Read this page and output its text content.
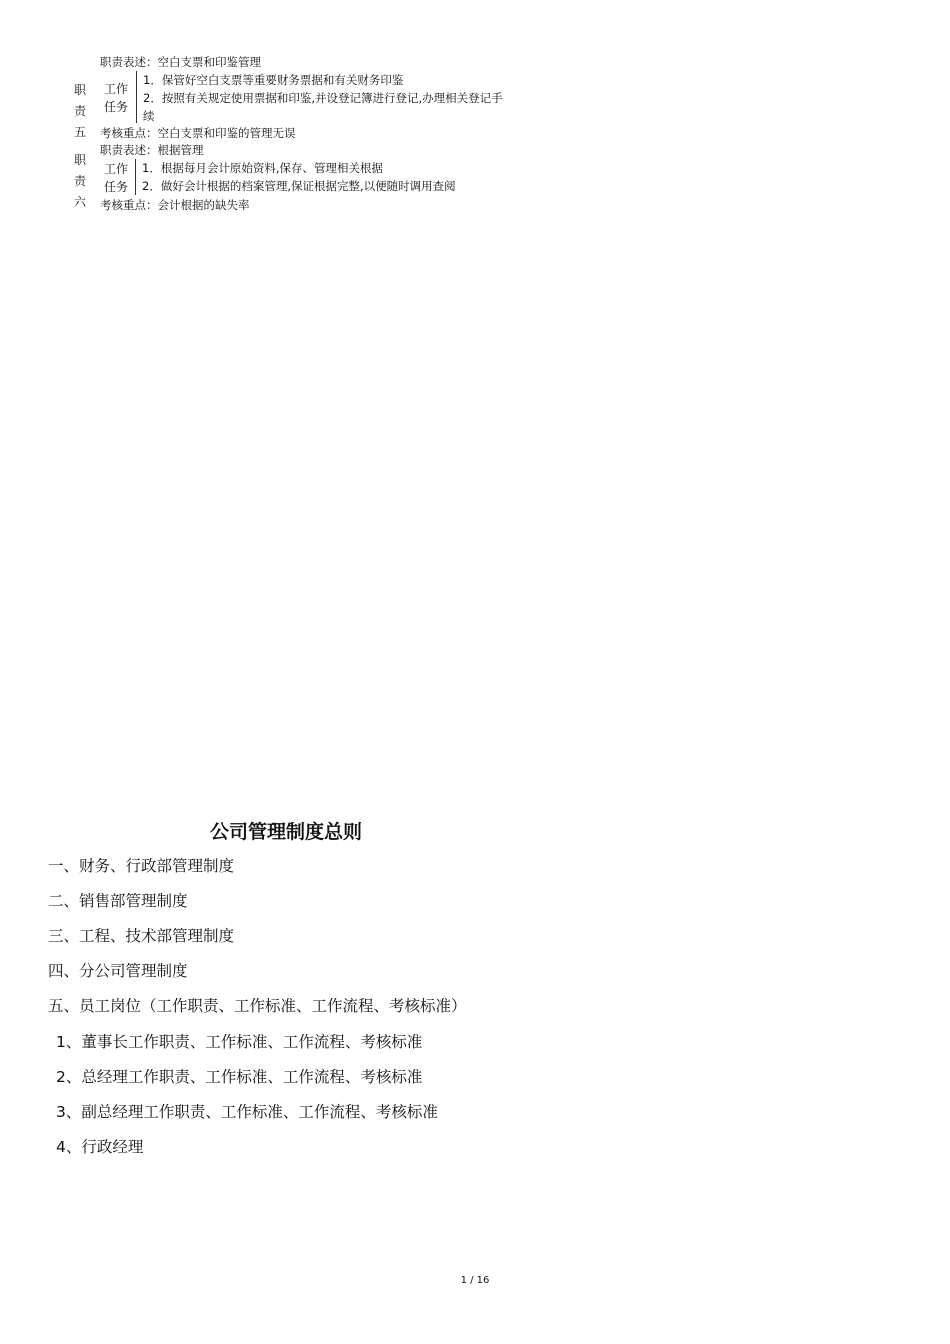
职责表述：空白支票和印鉴管理
职责五
工作任务
1．保管好空白支票等重要财务票据和有关财务印鉴
2．按照有关规定使用票据和印鉴,并设登记簿进行登记,办理相关登记手
续
考核重点：空白支票和印鉴的管理无误
职责表述：根据管理
职责六
工作任务
1．根据每月会计原始资料,保存、管理相关根据
2．做好会计根据的档案管理,保证根据完整,以便随时调用查阅
考核重点：会计根据的缺失率
公司管理制度总则
一、财务、行政部管理制度
二、销售部管理制度
三、工程、技术部管理制度
四、分公司管理制度
五、员工岗位（工作职责、工作标准、工作流程、考核标准）
1、董事长工作职责、工作标准、工作流程、考核标准
2、总经理工作职责、工作标准、工作流程、考核标准
3、副总经理工作职责、工作标准、工作流程、考核标准
4、行政经理
1 / 16
